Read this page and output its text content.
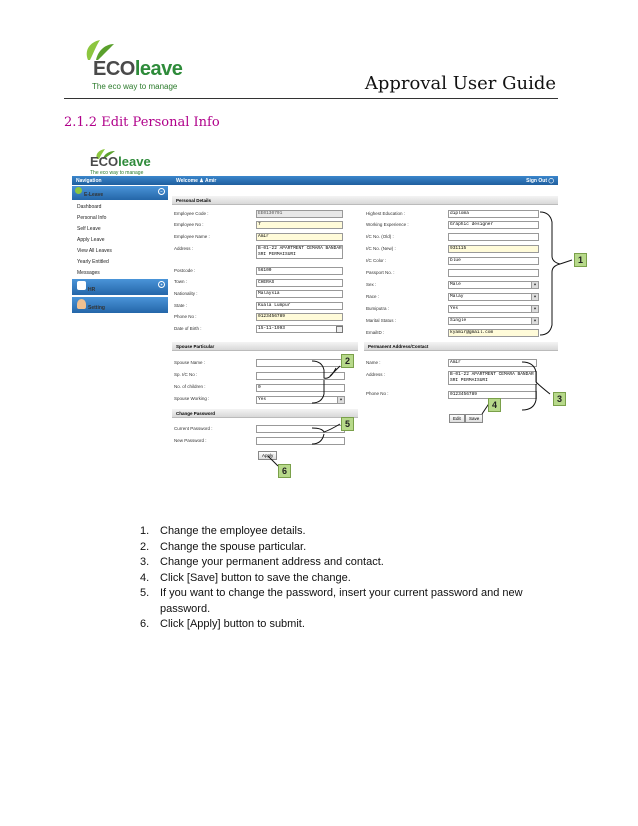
ECOleave
The eco way to manage	Approval User Guide
2.1.2 Edit Personal Info
ECOleave
The eco way to manage
Navigation	Welcome ♟ Amir	Sign Out ◯
E-Leave
−
Dashboard
Personal Info
Self Leave
Apply Leave
View All Leaves
Yearly Entitled
Messages
HR
+
Setting
Personal Details
Employee Code :	EE0130701
Employee No :	7
Employee Name :	Amir
Address :	B-01-22 APARTMENT CEMARA BANDAR SRI PERMAISURI
Postcode :	56100
Town :	CHERAS
Nationality :	Malaysia
State :	Kuala Lumpur
Phone No :	0123456789
Date of Birth :	15-11-1993
Highest Education :	diploma
Working Experience :	Graphic designer
I/C No. (Old) :
I/C No. (New) :	931115
I/C Color :	blue
Passport No. :
Sex :	Male ▾
Race :	Malay ▾
Bumiputra :	Yes ▾
Marital Status :	Single ▾
EmailID :	kyamir@gmail.com
Spouse Particular
Spouse Name :
Sp. I/C No :
No. of children :	0
Spouse Working :	Yes ▾
Permanent Address/Contact
Name :	Amir
Address :	B-01-22 APARTMENT CEMARA BANDAR SRI PERMAISURI
Phone No :	0123456789
Edit	Save
Change Password
Current Password :
New Password :
Apply
1
2
3
4
5
6
1. Change the employee details.
2. Change the spouse particular.
3. Change your permanent address and contact.
4. Click [Save] button to save the change.
5. If you want to change the password, insert your current password and new password.
6. Click [Apply] button to submit.
